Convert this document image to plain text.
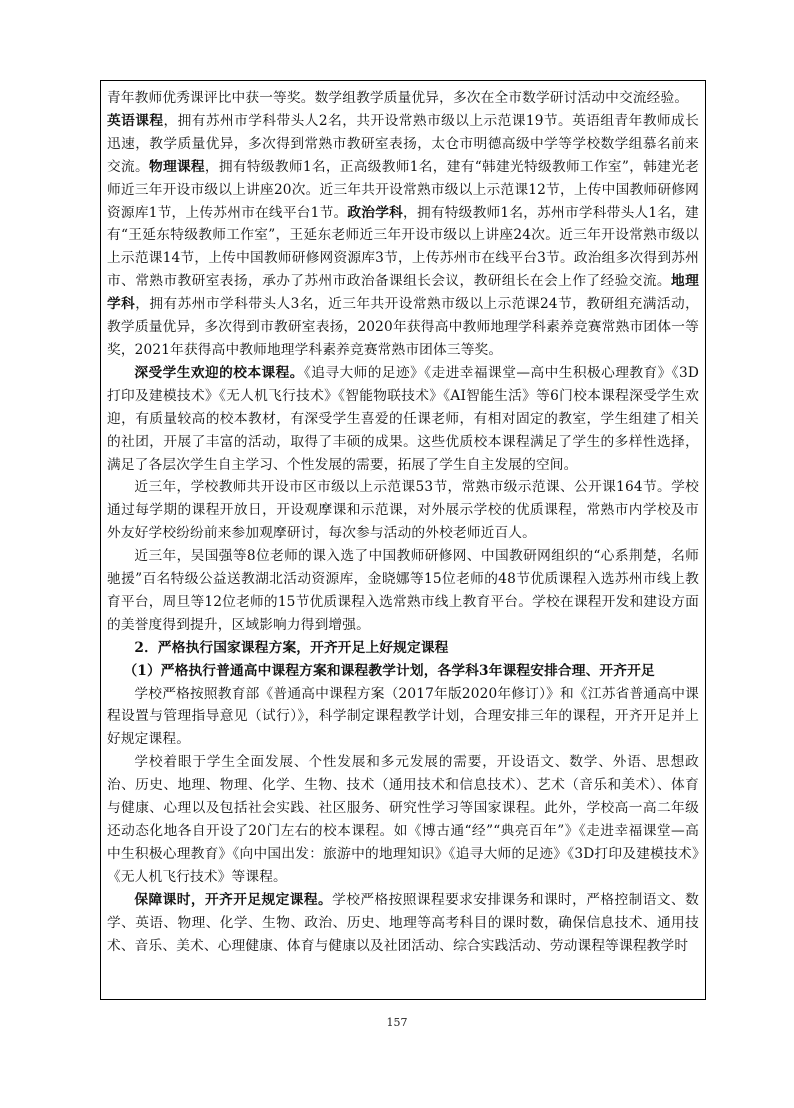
青年教师优秀课评比中获一等奖。数学组教学质量优异，多次在全市数学研讨活动中交流经验。

英语课程，拥有苏州市学科带头人2名，共开设常熟市级以上示范课19节。英语组青年教师成长迅速，教学质量优异，多次得到常熟市教研室表扬，太仓市明德高级中学等学校数学组慕名前来交流。物理课程，拥有特级教师1名，正高级教师1名，建有“韩建光特级教师工作室”，韩建光老师近三年开设市级以上讲座20次。近三年共开设常熟市级以上示范课12节，上传中国教师研修网资源库1节，上传苏州市在线平台1节。政治学科，拥有特级教师1名，苏州市学科带头人1名，建有“王延东特级教师工作室”，王延东老师近三年开设市级以上讲座24次。近三年开设常熟市级以上示范课14节，上传中国教师研修网资源库3节，上传苏州市在线平台3节。政治组多次得到苏州市、常熟市教研室表扬，承办了苏州市政治备课组长会议，教研组长在会上作了经验交流。地理学科，拥有苏州市学科带头人3名，近三年共开设常熟市级以上示范课24节，教研组充满活动，教学质量优异，多次得到市教研室表扬，2020年获得高中教师地理学科素养竞赛常熟市团体一等奖，2021年获得高中教师地理学科素养竞赛常熟市团体三等奖。

深受学生欢迎的校本课程。《追寻大师的足迹》《走进幸福课堂—高中生积极心理教育》《3D打印及建模技术》《无人机飞行技术》《智能物联技术》《AI智能生活》等6门校本课程深受学生欢迎，有质量较高的校本教材，有深受学生喜爱的任课老师，有相对固定的教室，学生组建了相关的社团，开展了丰富的活动，取得了丰硕的成果。这些优质校本课程满足了学生的多样性选择，满足了各层次学生自主学习、个性发展的需要，拓展了学生自主发展的空间。

近三年，学校教师共开设市区市级以上示范课53节，常熟市级示范课、公开课164节。学校通过每学期的课程开放日，开设观摩课和示范课，对外展示学校的优质课程，常熟市内学校及市外友好学校纷纷前来参加观摩研讨，每次参与活动的外校老师近百人。

近三年，吴国强等8位老师的课入选了中国教师研修网、中国教研网组织的“心系荆楚，名师驰援”百名特级公益送教湖北活动资源库，金晓娜等15位老师的48节优质课程入选苏州市线上教育平台，周旦等12位老师的15节优质课程入选常熟市线上教育平台。学校在课程开发和建设方面的美誉度得到提升，区域影响力得到增强。

2．严格执行国家课程方案，开齐开足上好规定课程

（1）严格执行普通高中课程方案和课程教学计划，各学科3年课程安排合理、开齐开足

学校严格按照教育部《普通高中课程方案（2017年版2020年修订）》和《江苏省普通高中课程设置与管理指导意见（试行）》，科学制定课程教学计划，合理安排三年的课程，开齐开足并上好规定课程。

学校着眼于学生全面发展、个性发展和多元发展的需要，开设语文、数学、外语、思想政治、历史、地理、物理、化学、生物、技术（通用技术和信息技术）、艺术（音乐和美术）、体育与健康、心理以及包括社会实践、社区服务、研究性学习等国家课程。此外，学校高一高二年级还动态化地各自开设了20门左右的校本课程。如《博古通“经”“典亮百年”》《走进幸福课堂—高中生积极心理教育》《向中国出发：旅游中的地理知识》《追寻大师的足迹》《3D打印及建模技术》《无人机飞行技术》等课程。

保障课时，开齐开足规定课程。学校严格按照课程要求安排课务和课时，严格控制语文、数学、英语、物理、化学、生物、政治、历史、地理等高考科目的课时数，确保信息技术、通用技术、音乐、美术、心理健康、体育与健康以及社团活动、综合实践活动、劳动课程等课程教学时

157
